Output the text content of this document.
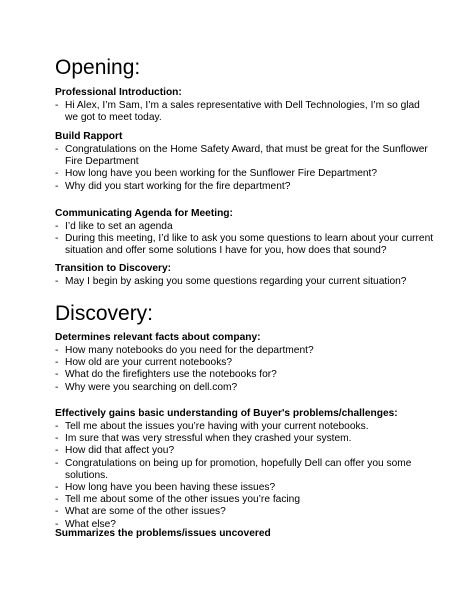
Opening:
Professional Introduction:
- Hi Alex, I’m Sam, I’m a sales representative with Dell Technologies, I’m so glad we got to meet today.
Build Rapport
- Congratulations on the Home Safety Award, that must be great for the Sunflower Fire Department
- How long have you been working for the Sunflower Fire Department?
- Why did you start working for the fire department?
Communicating Agenda for Meeting:
- I’d like to set an agenda
- During this meeting, I’d like to ask you some questions to learn about your current situation and offer some solutions I have for you, how does that sound?
Transition to Discovery:
- May I begin by asking you some questions regarding your current situation?
Discovery:
Determines relevant facts about company:
- How many notebooks do you need for the department?
- How old are your current notebooks?
- What do the firefighters use the notebooks for?
- Why were you searching on dell.com?
Effectively gains basic understanding of Buyer's problems/challenges:
- Tell me about the issues you’re having with your current notebooks.
- Im sure that was very stressful when they crashed your system.
- How did that affect you?
- Congratulations on being up for promotion, hopefully Dell can offer you some solutions.
- How long have you been having these issues?
- Tell me about some of the other issues you’re facing
- What are some of the other issues?
- What else?
Summarizes the problems/issues uncovered
